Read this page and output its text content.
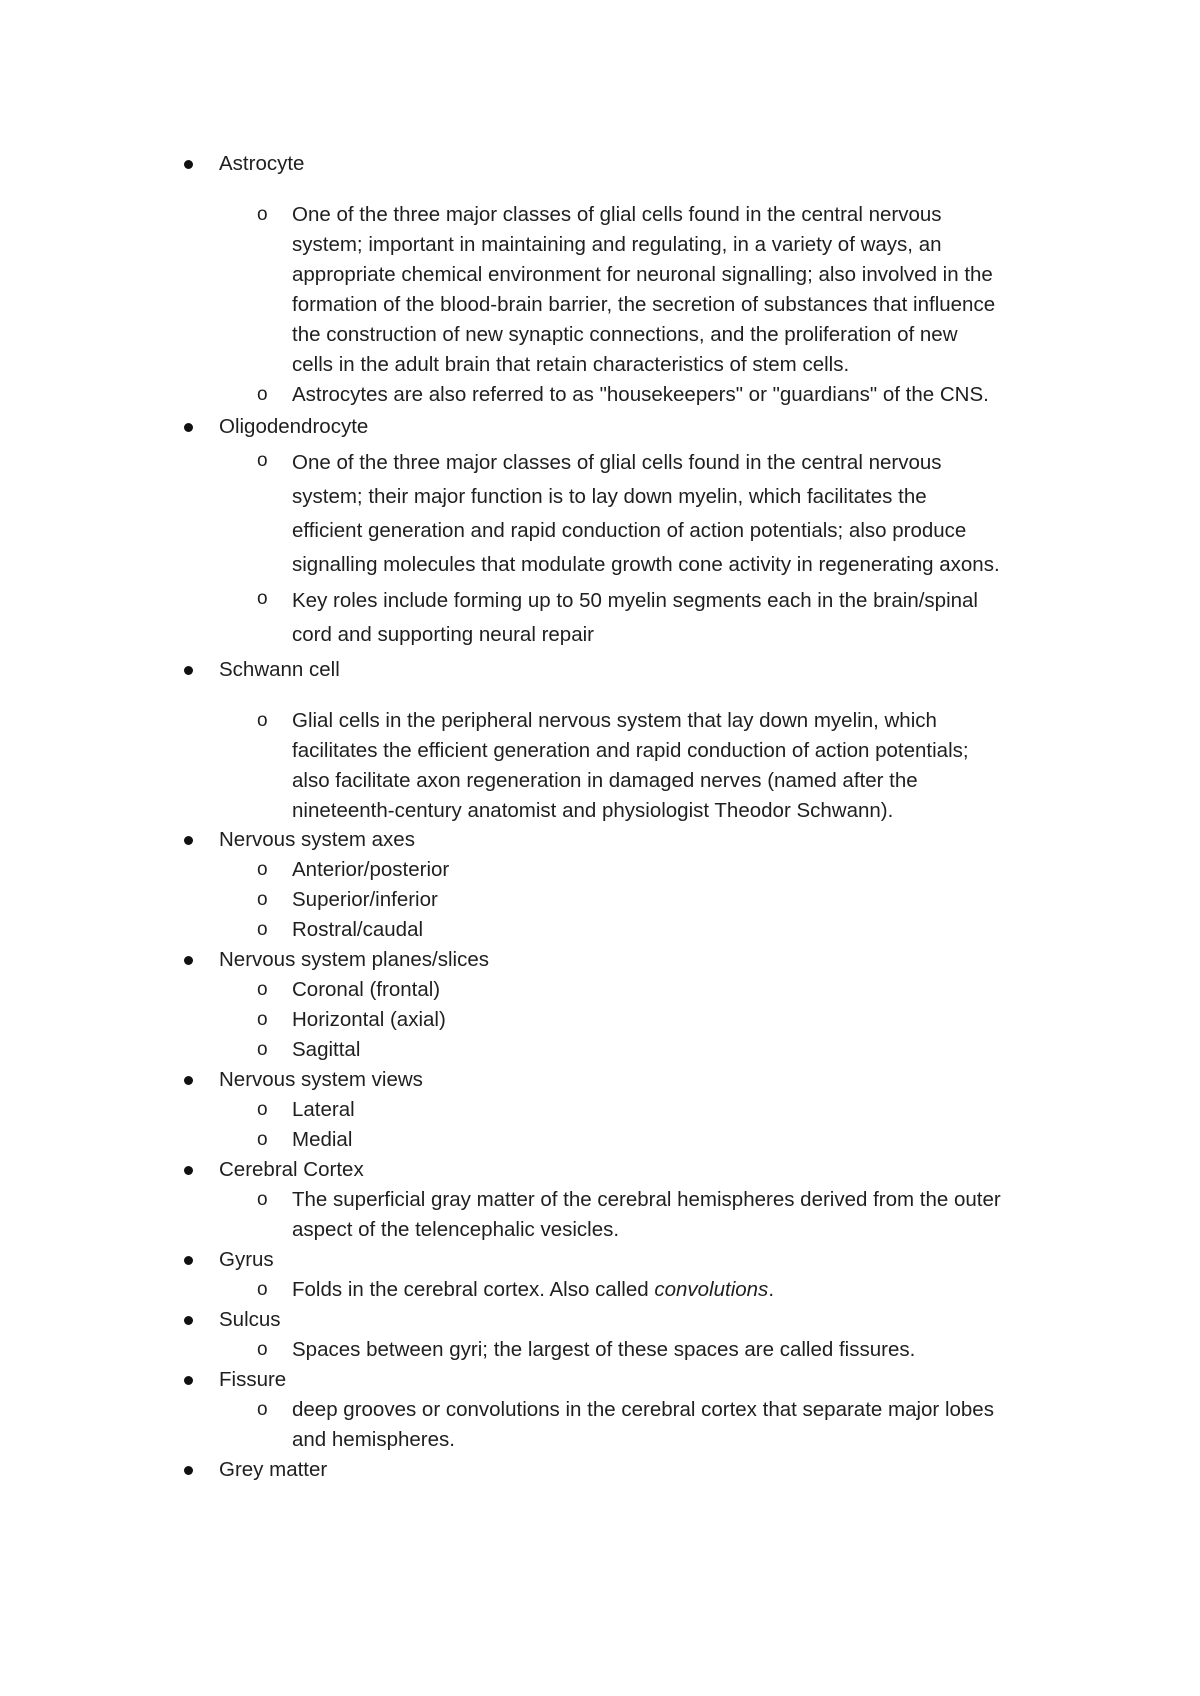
Astrocyte
o One of the three major classes of glial cells found in the central nervous
system; important in maintaining and regulating, in a variety of ways, an
appropriate chemical environment for neuronal signalling; also involved in the
formation of the blood-brain barrier, the secretion of substances that influence
the construction of new synaptic connections, and the proliferation of new
cells in the adult brain that retain characteristics of stem cells.
o Astrocytes are also referred to as "housekeepers" or "guardians" of the CNS.
Oligodendrocyte
o One of the three major classes of glial cells found in the central nervous
system; their major function is to lay down myelin, which facilitates the
efficient generation and rapid conduction of action potentials; also produce
signalling molecules that modulate growth cone activity in regenerating axons.
o Key roles include forming up to 50 myelin segments each in the brain/spinal
cord and supporting neural repair
Schwann cell
o Glial cells in the peripheral nervous system that lay down myelin, which
facilitates the efficient generation and rapid conduction of action potentials;
also facilitate axon regeneration in damaged nerves (named after the
nineteenth-century anatomist and physiologist Theodor Schwann).
Nervous system axes
o Anterior/posterior
o Superior/inferior
o Rostral/caudal
Nervous system planes/slices
o Coronal (frontal)
o Horizontal (axial)
o Sagittal
Nervous system views
o Lateral
o Medial
Cerebral Cortex
o The superficial gray matter of the cerebral hemispheres derived from the outer
aspect of the telencephalic vesicles.
Gyrus
o Folds in the cerebral cortex. Also called convolutions.
Sulcus
o Spaces between gyri; the largest of these spaces are called fissures.
Fissure
o deep grooves or convolutions in the cerebral cortex that separate major lobes
and hemispheres.
Grey matter
